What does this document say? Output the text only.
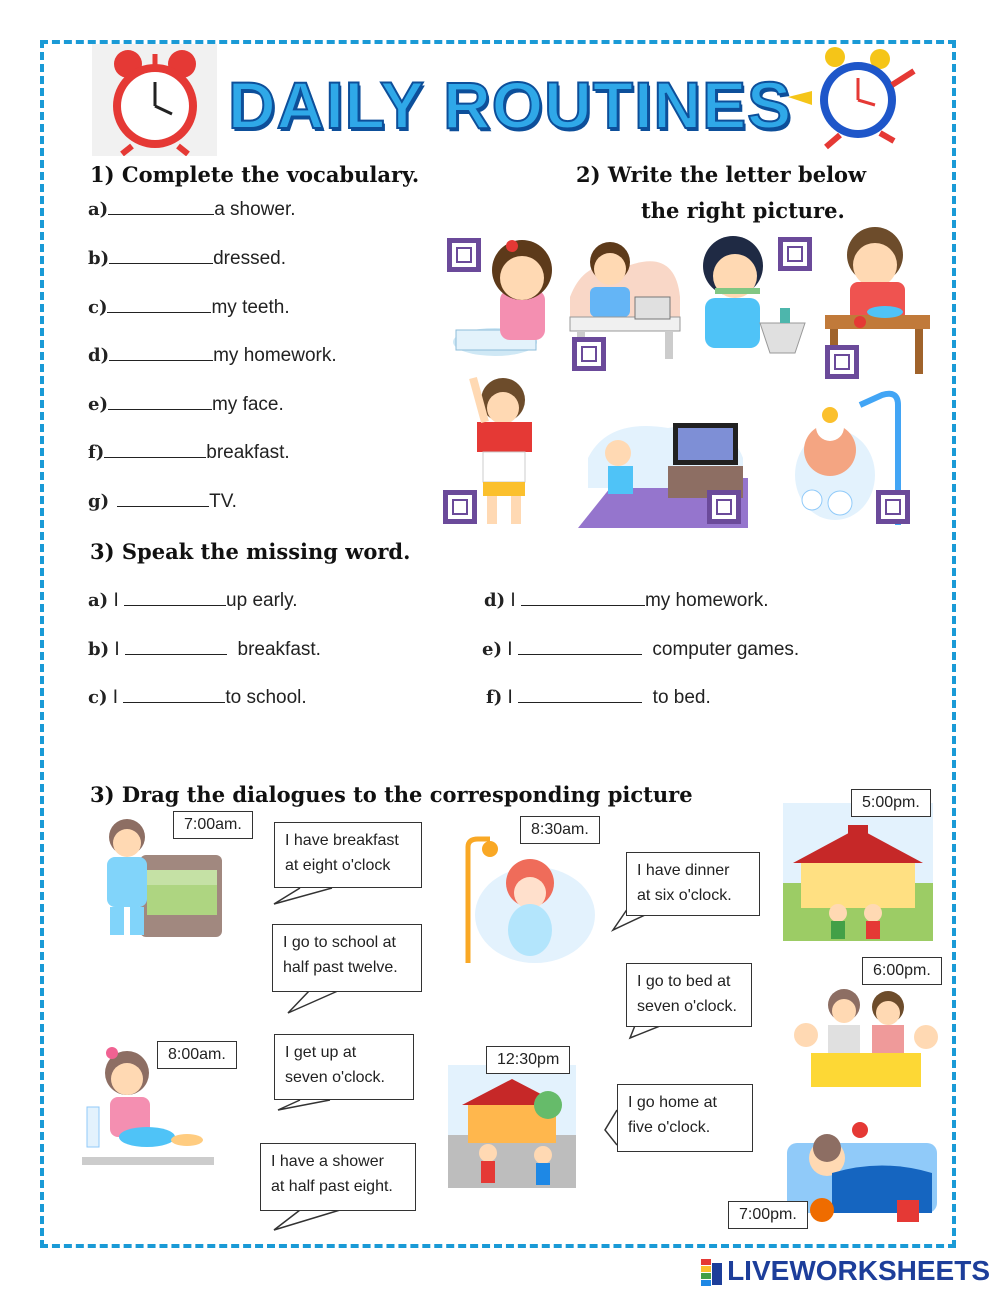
DAILY ROUTINES
1) Complete the vocabulary.
a)	a shower.
b)	dressed.
c)	my teeth.
d)	my homework.
e)	my face.
f)	breakfast.
g)	TV.
2) Write the letter below
the right picture.
3) Speak the missing word.
a) I	up early.
b) I	breakfast.
c) I	to school.
d) I	my homework.
e) I	computer games.
f) I	to bed.
3) Drag the dialogues to the corresponding picture
7:00am.	8:30am.
5:00pm.
6:00pm.
8:00am.	12:30pm
7:00pm.
I have breakfast
at eight o'clock
I go to school at
half past twelve.
I get up at
seven o'clock.
I have a shower
at half past eight.
I have dinner
at six o'clock.
I go to bed at
seven o'clock.
I go home at
five o'clock.
LIVEWORKSHEETS
